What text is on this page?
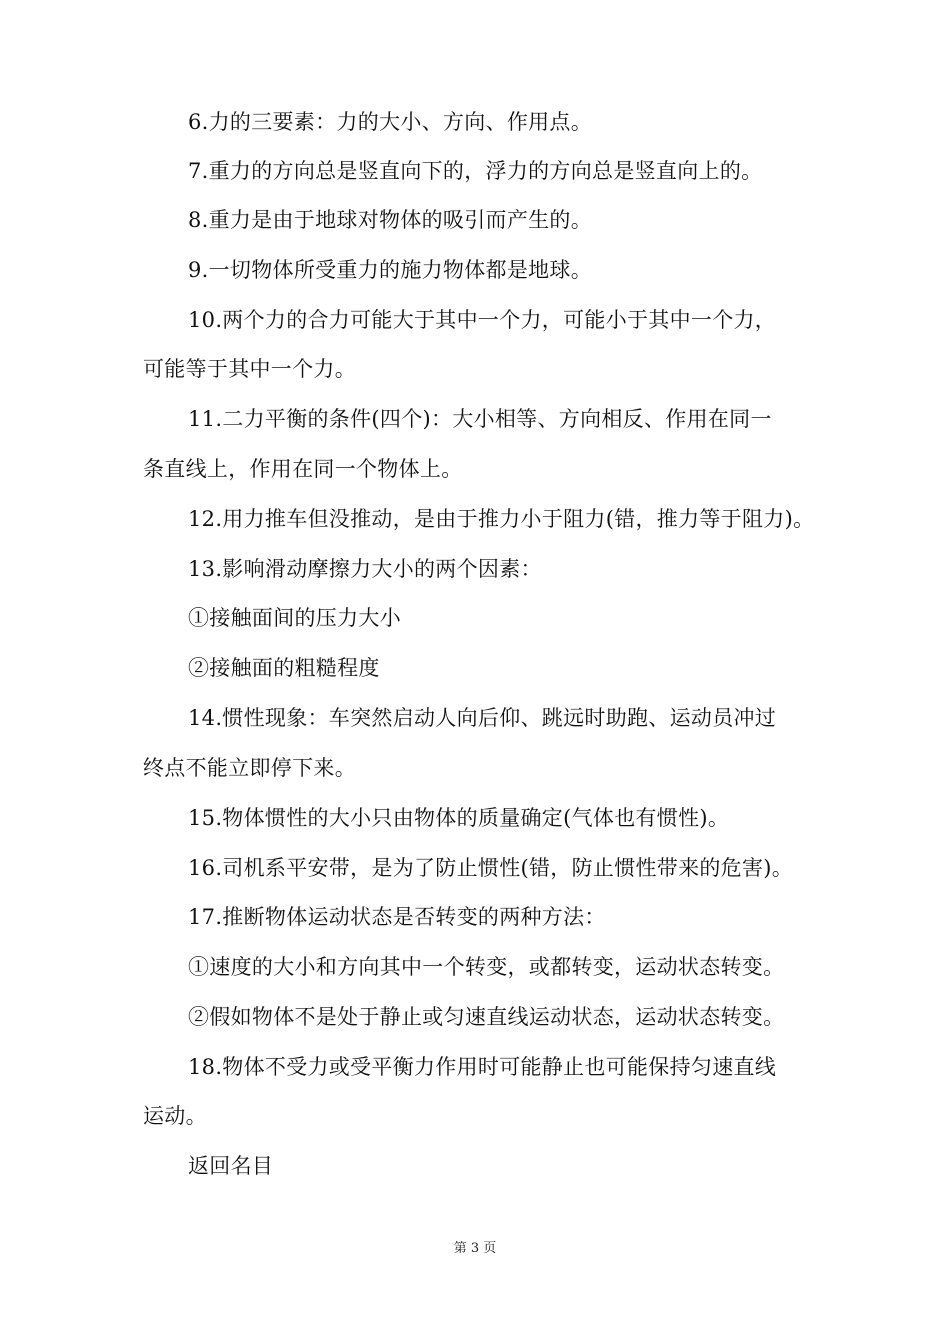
6.力的三要素：力的大小、方向、作用点。
7.重力的方向总是竖直向下的，浮力的方向总是竖直向上的。
8.重力是由于地球对物体的吸引而产生的。
9.一切物体所受重力的施力物体都是地球。
10.两个力的合力可能大于其中一个力，可能小于其中一个力，
可能等于其中一个力。
11.二力平衡的条件(四个)：大小相等、方向相反、作用在同一
条直线上，作用在同一个物体上。
12.用力推车但没推动，是由于推力小于阻力(错，推力等于阻力)。
13.影响滑动摩擦力大小的两个因素：
①接触面间的压力大小
②接触面的粗糙程度
14.惯性现象：车突然启动人向后仰、跳远时助跑、运动员冲过
终点不能立即停下来。
15.物体惯性的大小只由物体的质量确定(气体也有惯性)。
16.司机系平安带，是为了防止惯性(错，防止惯性带来的危害)。
17.推断物体运动状态是否转变的两种方法：
①速度的大小和方向其中一个转变，或都转变，运动状态转变。
②假如物体不是处于静止或匀速直线运动状态，运动状态转变。
18.物体不受力或受平衡力作用时可能静止也可能保持匀速直线
运动。
返回名目
第 3 页
